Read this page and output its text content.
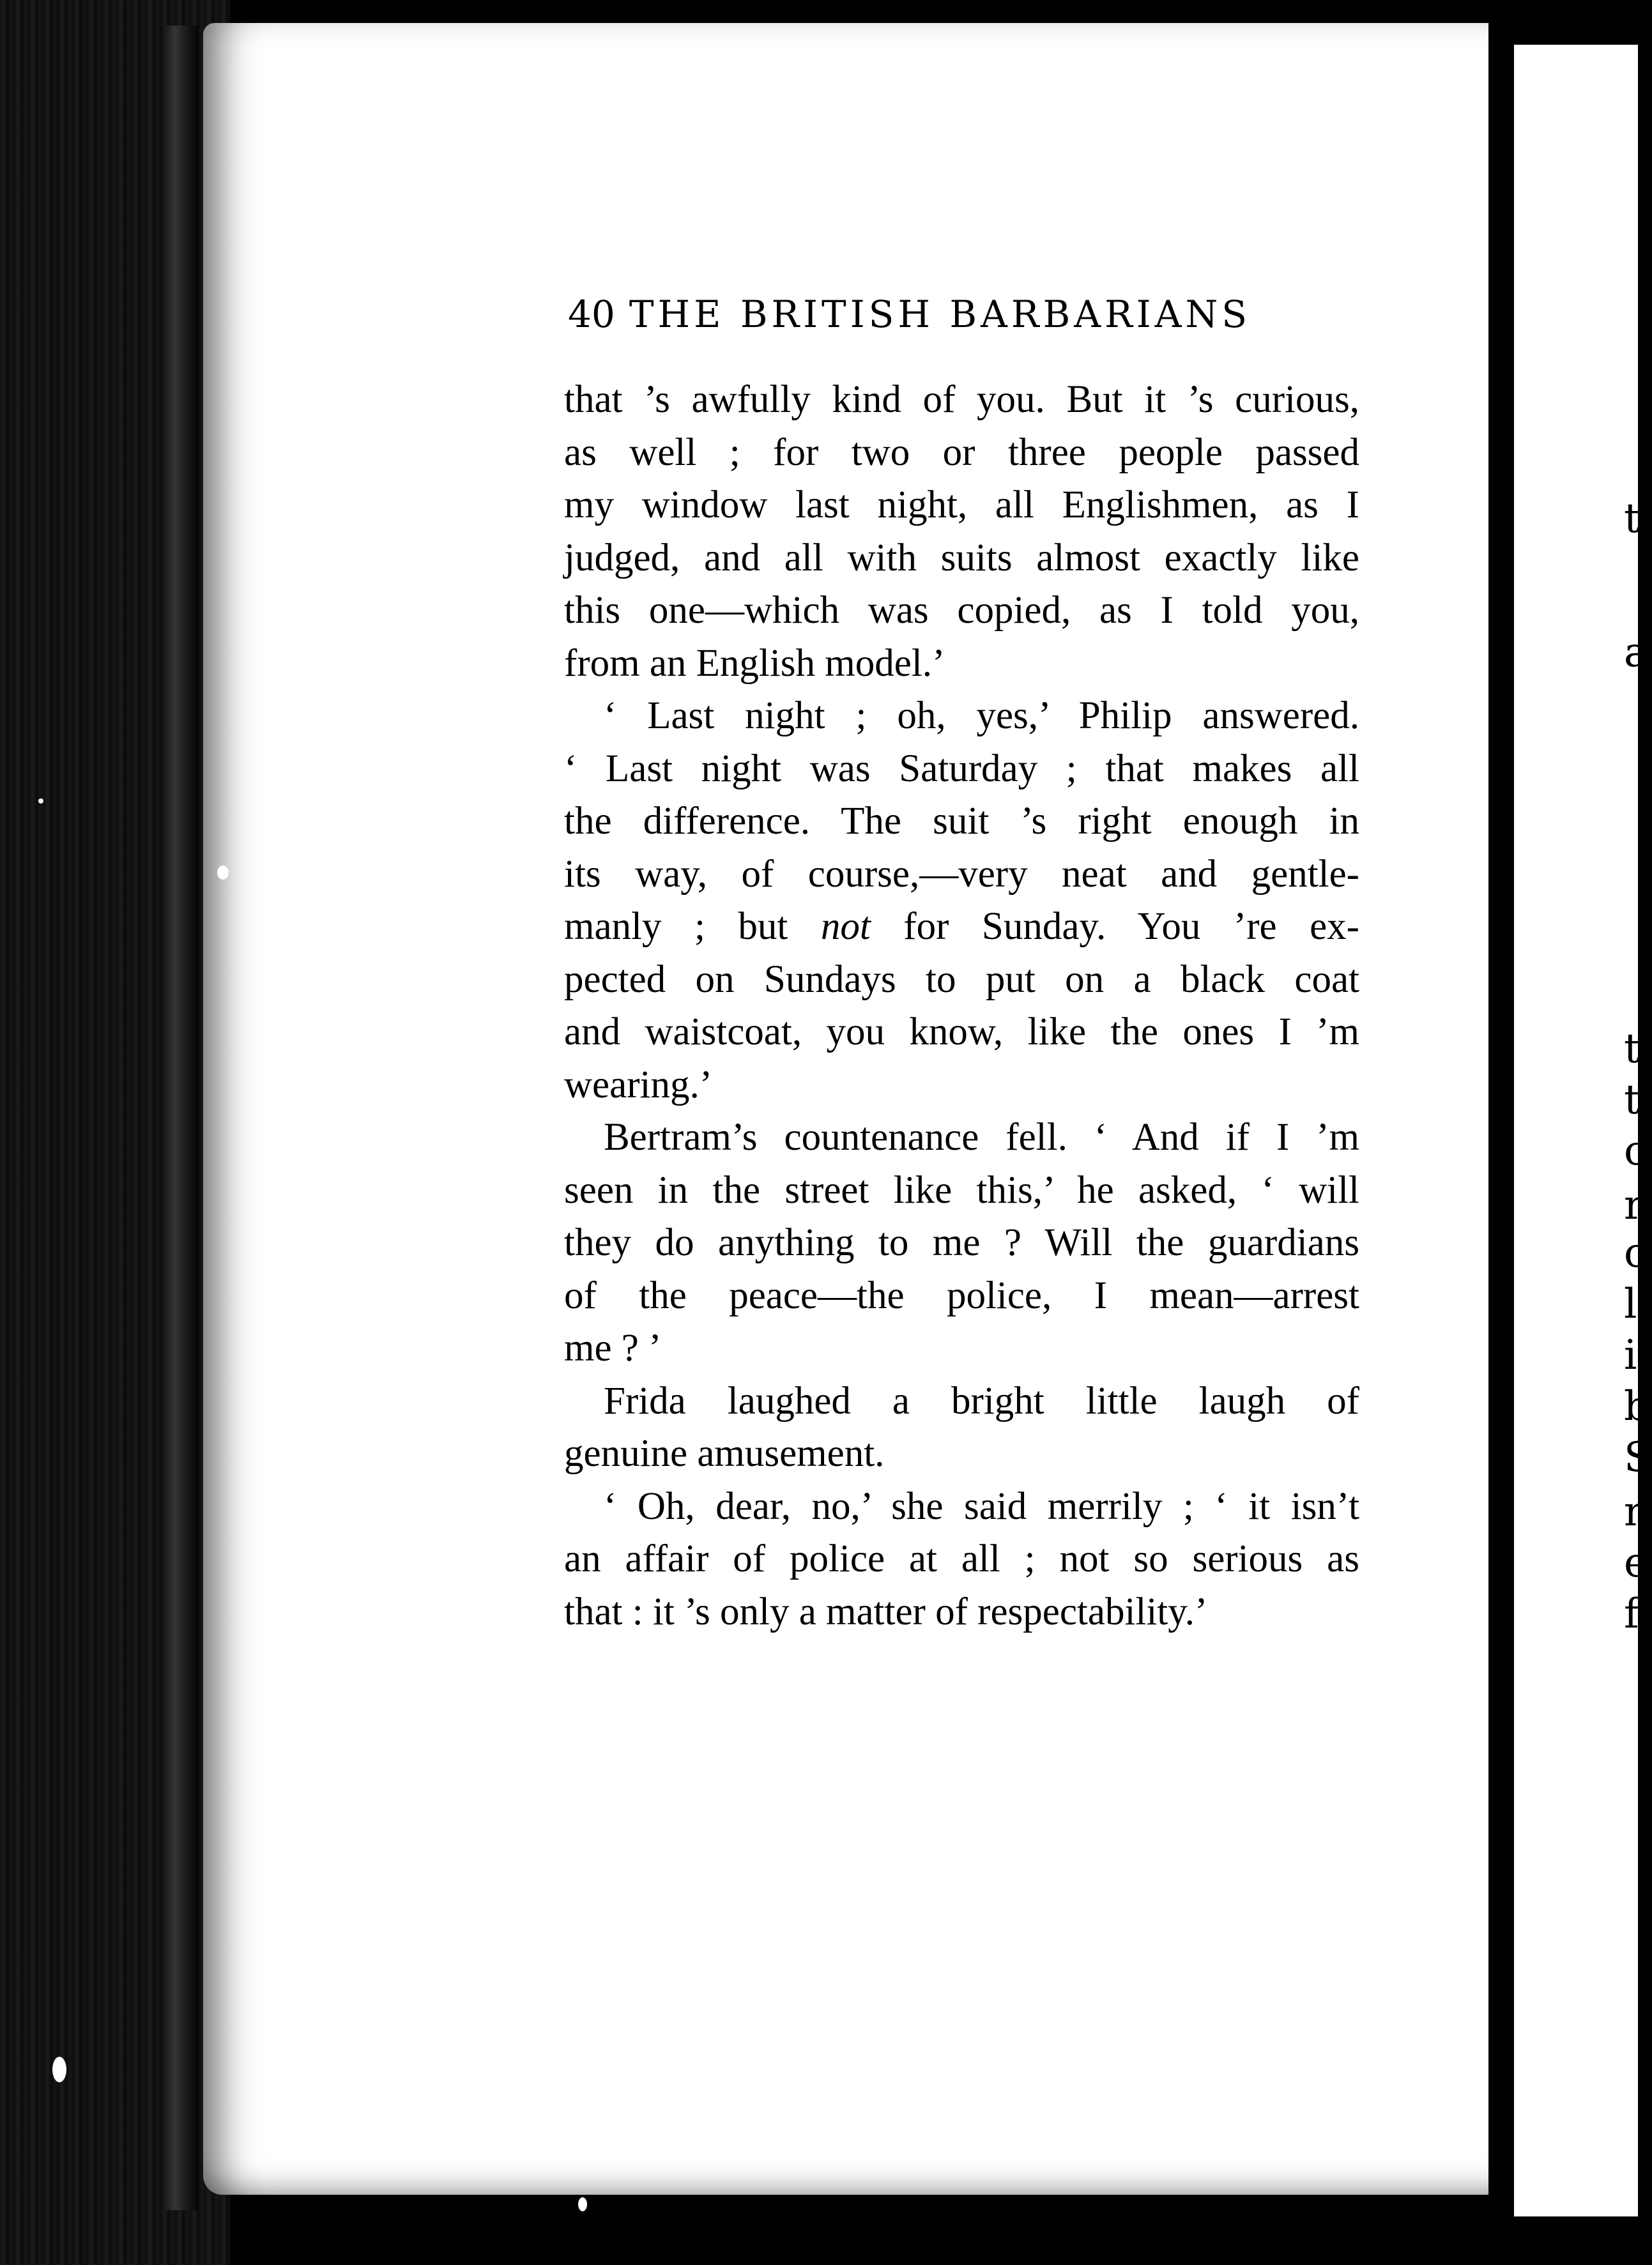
40 THE BRITISH BARBARIANS
that ’s awfully kind of you. But it ’s curious,
as well ; for two or three people passed
my window last night, all Englishmen, as I
judged, and all with suits almost exactly like
this one—which was copied, as I told you,
from an English model.’
‘ Last night ; oh, yes,’ Philip answered.
‘ Last night was Saturday ; that makes all
the difference. The suit ’s right enough in
its way, of course,—very neat and gentle-
manly ; but not for Sunday. You ’re ex-
pected on Sundays to put on a black coat
and waistcoat, you know, like the ones I ’m
wearing.’
Bertram’s countenance fell. ‘ And if I ’m
seen in the street like this,’ he asked, ‘ will
they do anything to me ? Will the guardians
of the peace—the police, I mean—arrest
me ? ’
Frida laughed a bright little laugh of
genuine amusement.
‘ Oh, dear, no,’ she said merrily ; ‘ it isn’t
an affair of police at all ; not so serious as
that : it ’s only a matter of respectability.’
t
a
t
t
c
r
c
l
i
b
S
n
e
f
